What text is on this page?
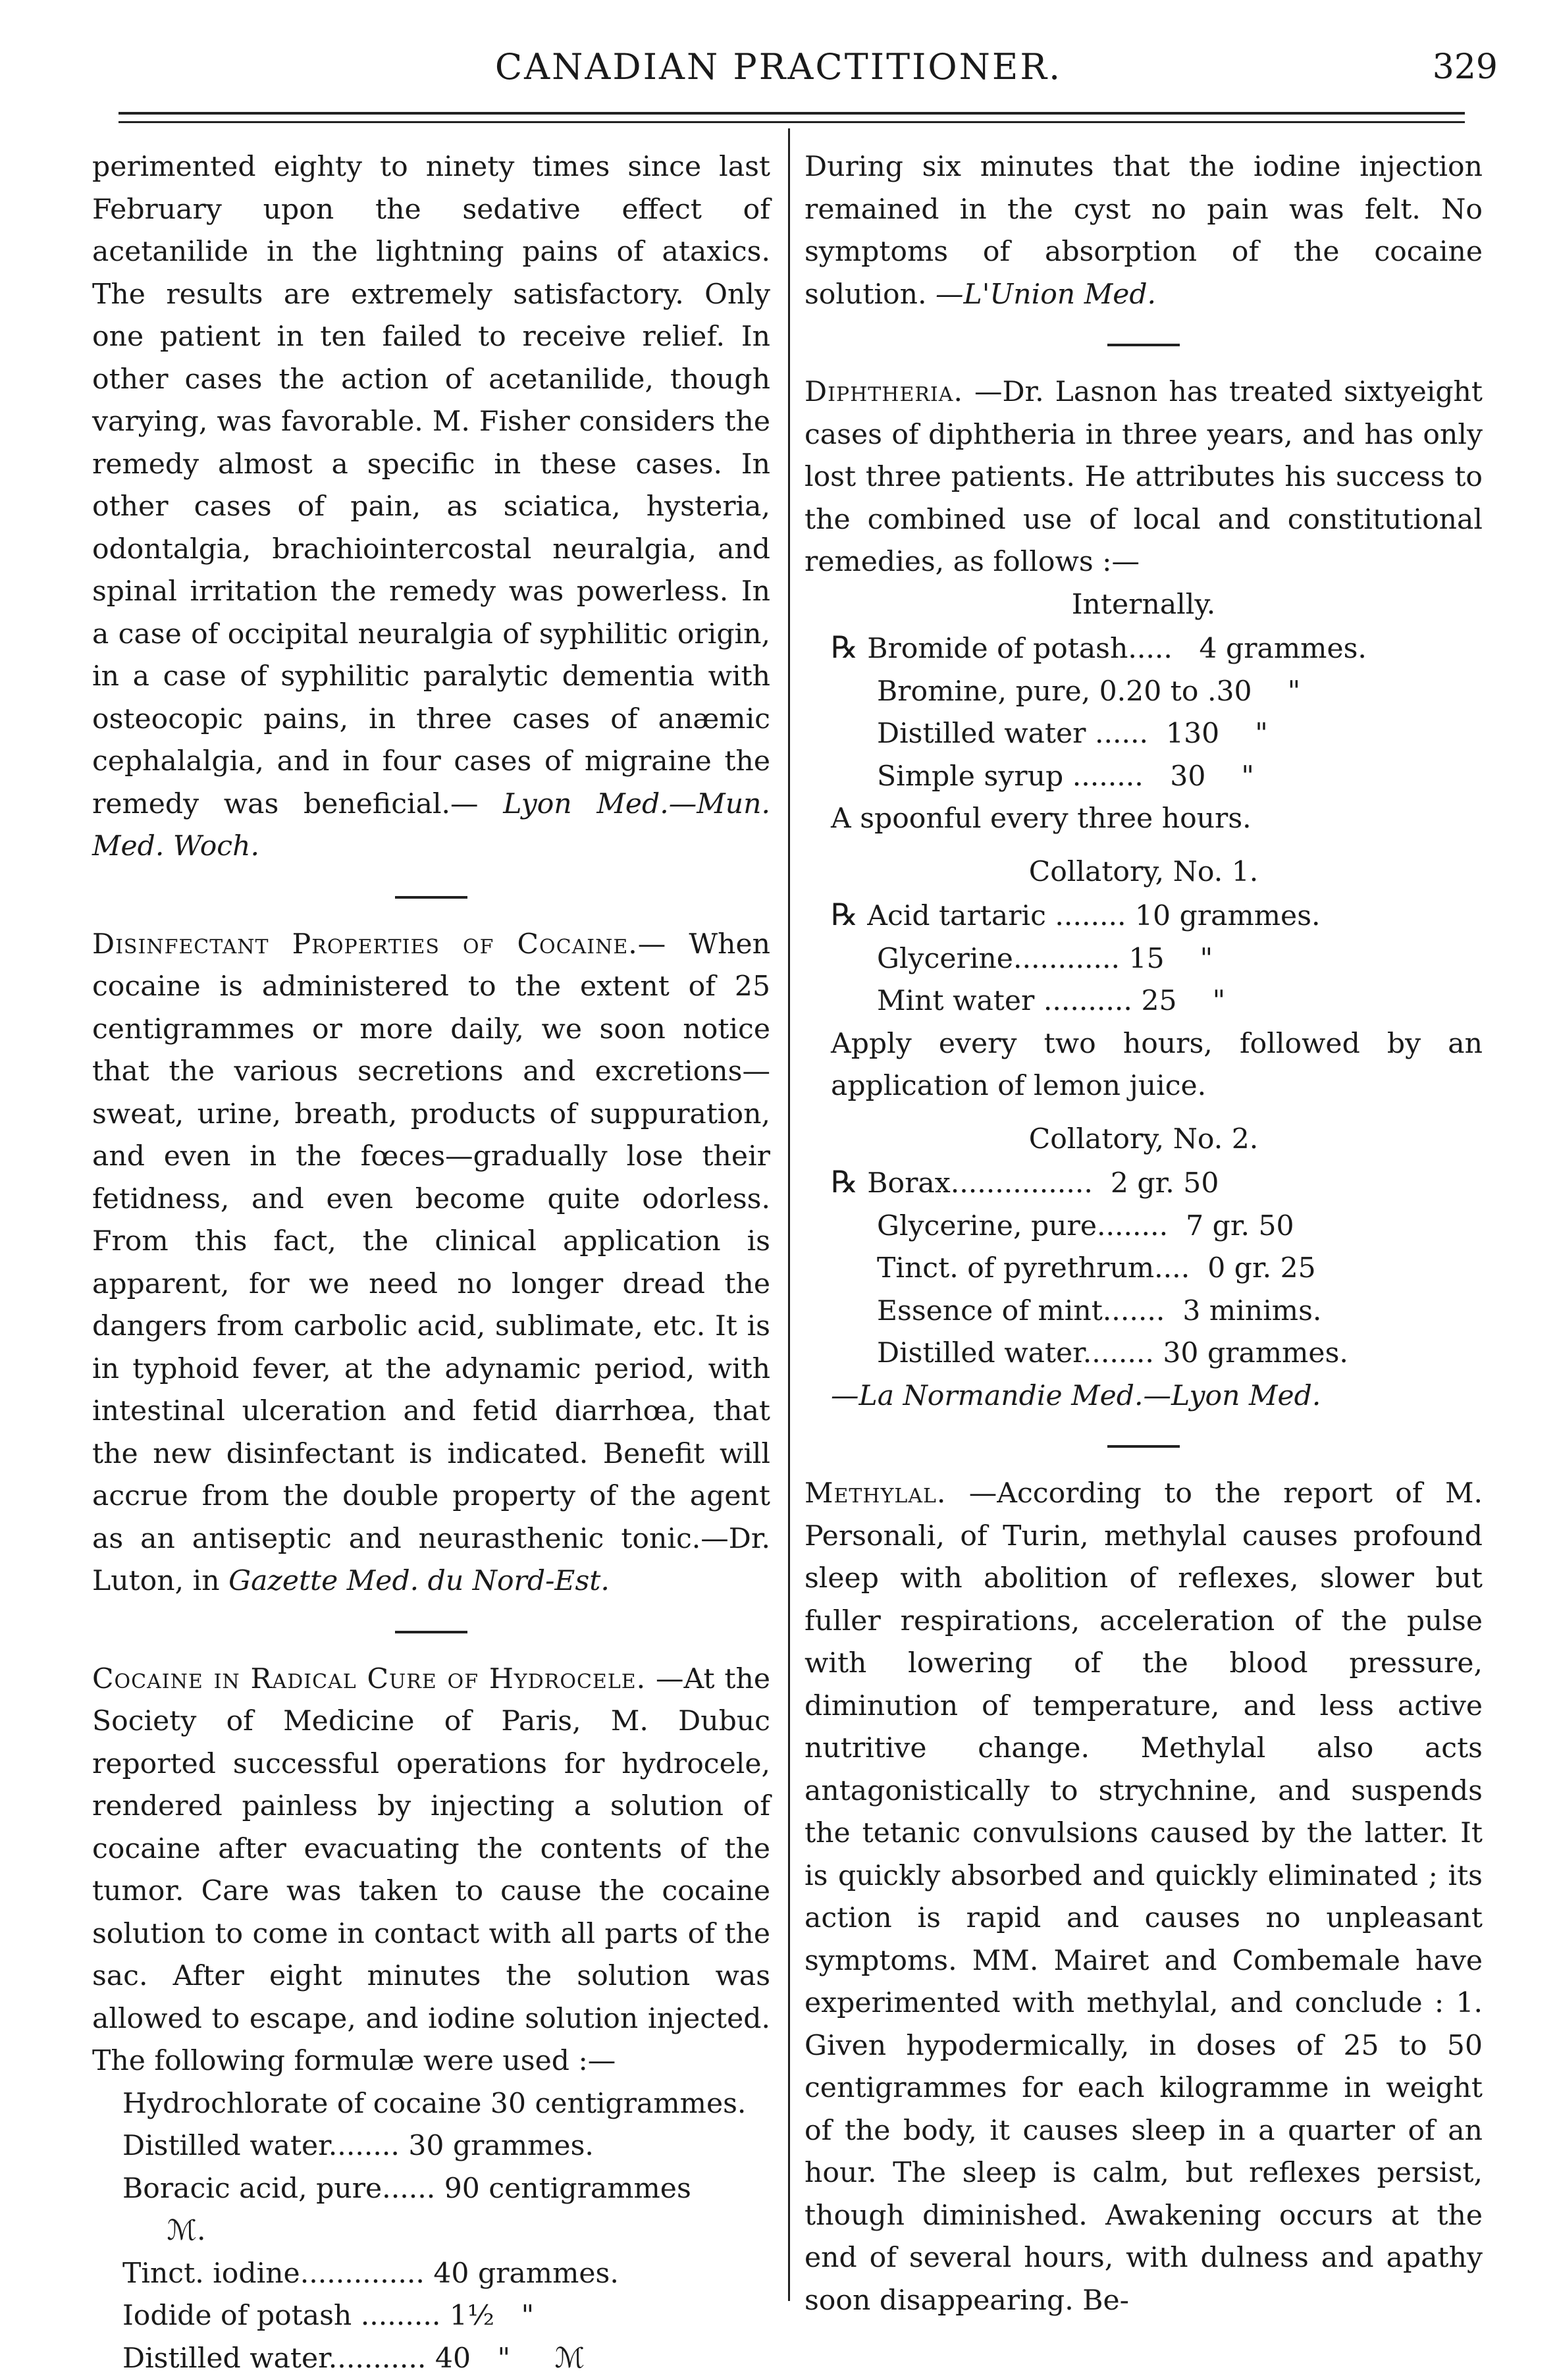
CANADIAN PRACTITIONER.	329

perimented eighty to ninety times since last February upon the sedative effect of acetanilide in the lightning pains of ataxics. The results are extremely satisfactory. Only one patient in ten failed to receive relief. In other cases the action of acetanilide, though varying, was favorable. M. Fisher considers the remedy almost a specific in these cases. In other cases of pain, as sciatica, hysteria, odontalgia, brachiointercostal neuralgia, and spinal irritation the remedy was powerless. In a case of occipital neuralgia of syphilitic origin, in a case of syphilitic paralytic dementia with osteocopic pains, in three cases of anæmic cephalalgia, and in four cases of migraine the remedy was beneficial.— Lyon Med.—Mun. Med. Woch.

Disinfectant Properties of Cocaine.— When cocaine is administered to the extent of 25 centigrammes or more daily, we soon notice that the various secretions and excretions— sweat, urine, breath, products of suppuration, and even in the fœces—gradually lose their fetidness, and even become quite odorless. From this fact, the clinical application is apparent, for we need no longer dread the dangers from carbolic acid, sublimate, etc. It is in typhoid fever, at the adynamic period, with intestinal ulceration and fetid diarrhœa, that the new disinfectant is indicated. Benefit will accrue from the double property of the agent as an antiseptic and neurasthenic tonic.—Dr. Luton, in Gazette Med. du Nord-Est.

Cocaine in Radical Cure of Hydrocele. —At the Society of Medicine of Paris, M. Dubuc reported successful operations for hydrocele, rendered painless by injecting a solution of cocaine after evacuating the contents of the tumor. Care was taken to cause the cocaine solution to come in contact with all parts of the sac. After eight minutes the solution was allowed to escape, and iodine solution injected. The following formulæ were used :—

Hydrochlorate of cocaine 30 centigrammes.
Distilled water........ 30 grammes.
Boracic acid, pure...... 90 centigrammes
ℳ.
Tinct. iodine.............. 40 grammes.
Iodide of potash ......... 1½   "
Distilled water........... 40   "     ℳ

During six minutes that the iodine injection remained in the cyst no pain was felt. No symptoms of absorption of the cocaine solution. —L'Union Med.

Diphtheria. —Dr. Lasnon has treated sixtyeight cases of diphtheria in three years, and has only lost three patients. He attributes his success to the combined use of local and constitutional remedies, as follows :—

Internally.
℞ Bromide of potash.....   4 grammes.
Bromine, pure, 0.20 to .30    "
Distilled water ......  130    "
Simple syrup ........   30    "
A spoonful every three hours.
Collatory, No. 1.
℞ Acid tartaric ........ 10 grammes.
Glycerine............ 15    "
Mint water .......... 25    "

Apply every two hours, followed by an application of lemon juice.

Collatory, No. 2.
℞ Borax................  2 gr. 50
Glycerine, pure........  7 gr. 50
Tinct. of pyrethrum....  0 gr. 25
Essence of mint.......  3 minims.
Distilled water........ 30 grammes.
—La Normandie Med.—Lyon Med.

Methylal. —According to the report of M. Personali, of Turin, methylal causes profound sleep with abolition of reflexes, slower but fuller respirations, acceleration of the pulse with lowering of the blood pressure, diminution of temperature, and less active nutritive change. Methylal also acts antagonistically to strychnine, and suspends the tetanic convulsions caused by the latter. It is quickly absorbed and quickly eliminated ; its action is rapid and causes no unpleasant symptoms. MM. Mairet and Combemale have experimented with methylal, and conclude : 1. Given hypodermically, in doses of 25 to 50 centigrammes for each kilogramme in weight of the body, it causes sleep in a quarter of an hour. The sleep is calm, but reflexes persist, though diminished. Awakening occurs at the end of several hours, with dulness and apathy soon disappearing. Be-
